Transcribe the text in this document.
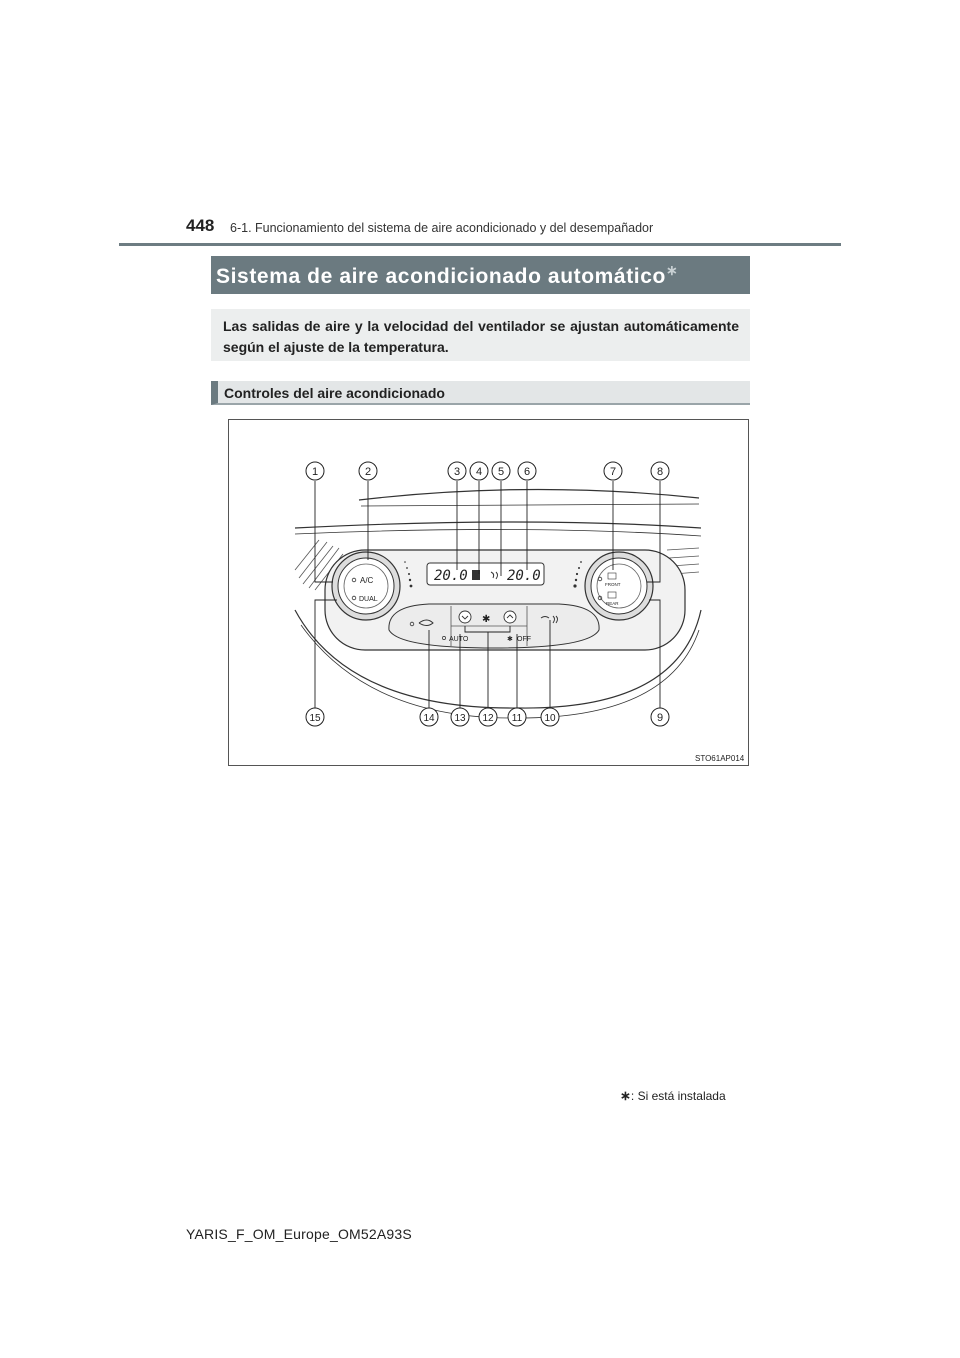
448 6-1. Funcionamiento del sistema de aire acondicionado y del desempañador
Sistema de aire acondicionado automático∗
Las salidas de aire y la velocidad del ventilador se ajustan automáticamente según el ajuste de la temperatura.
Controles del aire acondicionado
A/C
DUAL
FRONT
REAR
20.0	20.0
✱
AUTO	✱ OFF
1	2	3 4 5 6	7	8
9
10
11
12
13
14
15
STO61AP014
∗: Si está instalada
YARIS_F_OM_Europe_OM52A93S
